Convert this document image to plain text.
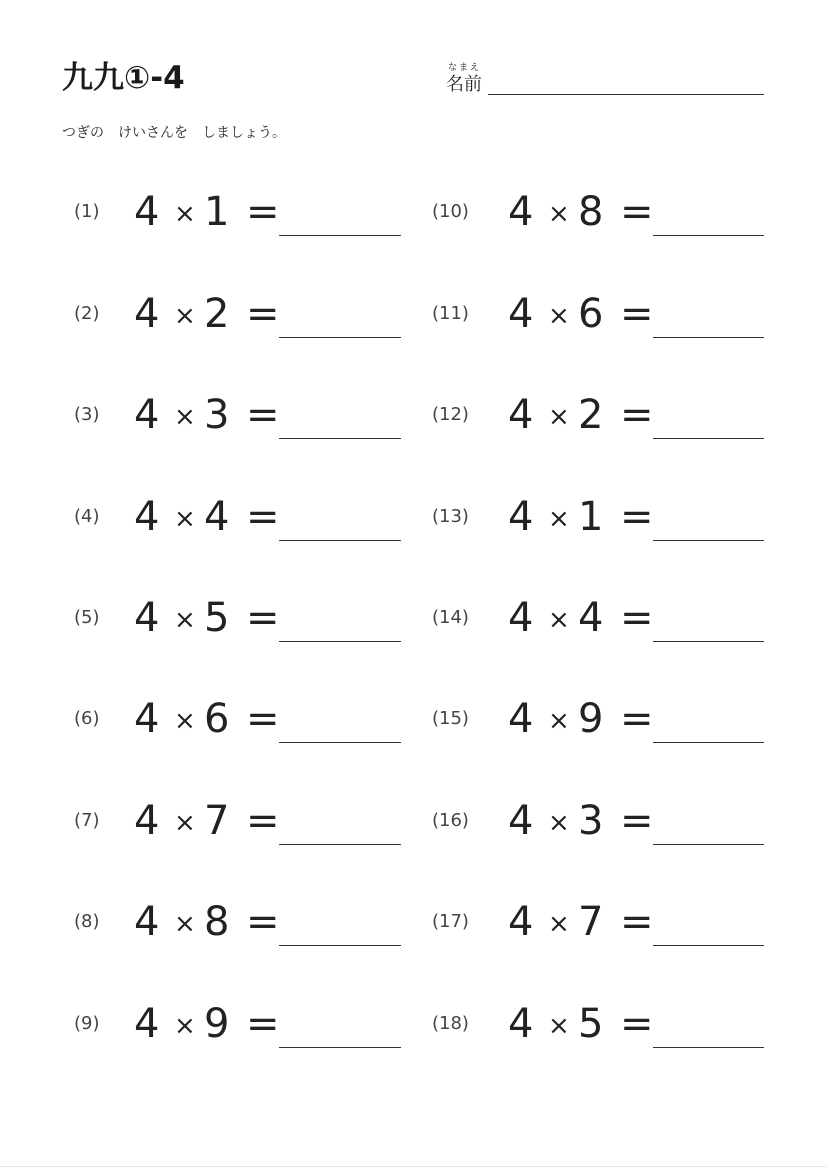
九九①-4	なまえ
名前
つぎの　けいさんを　しましょう。
(1) 4 × 1 =
(2) 4 × 2 =
(3) 4 × 3 =
(4) 4 × 4 =
(5) 4 × 5 =
(6) 4 × 6 =
(7) 4 × 7 =
(8) 4 × 8 =
(9) 4 × 9 =
(10) 4 × 8 =
(11) 4 × 6 =
(12) 4 × 2 =
(13) 4 × 1 =
(14) 4 × 4 =
(15) 4 × 9 =
(16) 4 × 3 =
(17) 4 × 7 =
(18) 4 × 5 =
